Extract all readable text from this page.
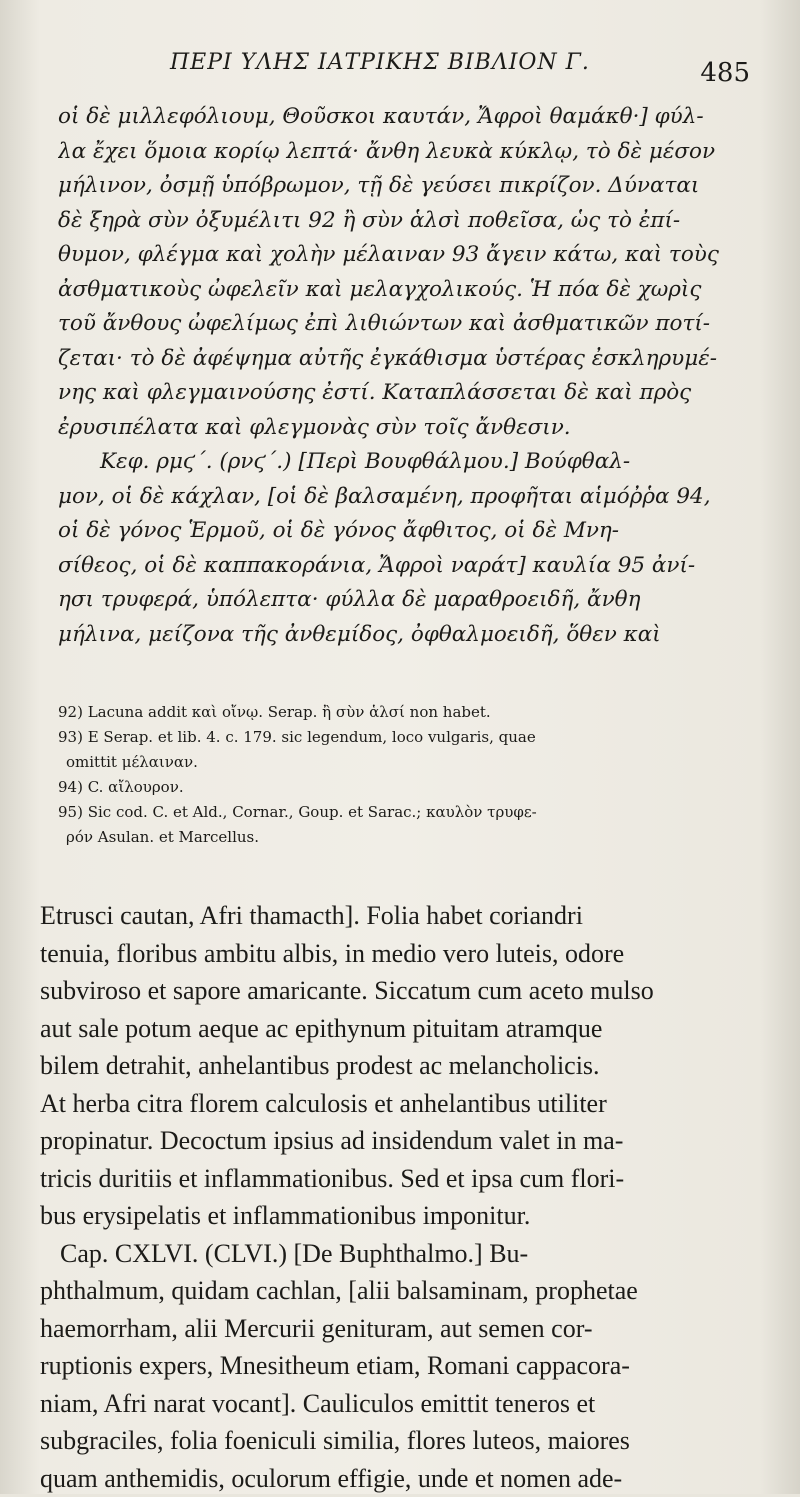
ΠΕΡΙ ΥΛΗΣ ΙΑΤΡΙΚΗΣ ΒΙΒΛΙΟΝ Γ.	485
οἱ δὲ μιλλεφόλιουμ, Θοῦσκοι καυτάν, Ἄφροὶ θαμάκθ·] φύλ-
λα ἔχει ὅμοια κορίῳ λεπτά· ἄνθη λευκὰ κύκλῳ, τὸ δὲ μέσον
μήλινον, ὀσμῇ ὑπόβρωμον, τῇ δὲ γεύσει πικρίζον. Δύναται
δὲ ξηρὰ σὺν ὀξυμέλιτι 92 ἢ σὺν ἁλσὶ ποθεῖσα, ὡς τὸ ἐπί-
θυμον, φλέγμα καὶ χολὴν μέλαιναν 93 ἄγειν κάτω, καὶ τοὺς
ἀσθματικοὺς ὠφελεῖν καὶ μελαγχολικούς. Ἡ πόα δὲ χωρὶς
τοῦ ἄνθους ὠφελίμως ἐπὶ λιθιώντων καὶ ἀσθματικῶν ποτί-
ζεται· τὸ δὲ ἀφέψημα αὐτῆς ἐγκάθισμα ὑστέρας ἐσκληρυμέ-
νης καὶ φλεγμαινούσης ἐστί. Καταπλάσσεται δὲ καὶ πρὸς
ἐρυσιπέλατα καὶ φλεγμονὰς σὺν τοῖς ἄνθεσιν.
Κεφ. ρμϛ΄. (ρνϛ΄.) [Περὶ Βουφθάλμου.] Βούφθαλ-
μον, οἱ δὲ κάχλαν, [οἱ δὲ βαλσαμένη, προφῆται αἱμόῤῥα 94,
οἱ δὲ γόνος Ἑρμοῦ, οἱ δὲ γόνος ἄφθιτος, οἱ δὲ Μνη-
σίθεος, οἱ δὲ καππακοράνια, Ἄφροὶ ναράτ] καυλία 95 ἀνί-
ησι τρυφερά, ὑπόλεπτα· φύλλα δὲ μαραθροειδῆ, ἄνθη
μήλινα, μείζονα τῆς ἀνθεμίδος, ὀφθαλμοειδῆ, ὅθεν καὶ
92) Lacuna addit καὶ οἴνῳ. Serap. ἢ σὺν ἁλσί non habet.
93) E Serap. et lib. 4. c. 179. sic legendum, loco vulgaris, quae
omittit μέλαιναν.
94) C. αἴλουρον.
95) Sic cod. C. et Ald., Cornar., Goup. et Sarac.; καυλὸν τρυφε-
ρόν Asulan. et Marcellus.
Etrusci cautan, Afri thamacth]. Folia habet coriandri
tenuia, floribus ambitu albis, in medio vero luteis, odore
subviroso et sapore amaricante. Siccatum cum aceto mulso
aut sale potum aeque ac epithynum pituitam atramque
bilem detrahit, anhelantibus prodest ac melancholicis.
At herba citra florem calculosis et anhelantibus utiliter
propinatur. Decoctum ipsius ad insidendum valet in ma-
tricis duritiis et inflammationibus. Sed et ipsa cum flori-
bus erysipelatis et inflammationibus imponitur.
Cap. CXLVI. (CLVI.) [De Buphthalmo.] Bu-
phthalmum, quidam cachlan, [alii balsaminam, prophetae
haemorrham, alii Mercurii genituram, aut semen cor-
ruptionis expers, Mnesitheum etiam, Romani cappacora-
niam, Afri narat vocant]. Cauliculos emittit teneros et
subgraciles, folia foeniculi similia, flores luteos, maiores
quam anthemidis, oculorum effigie, unde et nomen ade-
